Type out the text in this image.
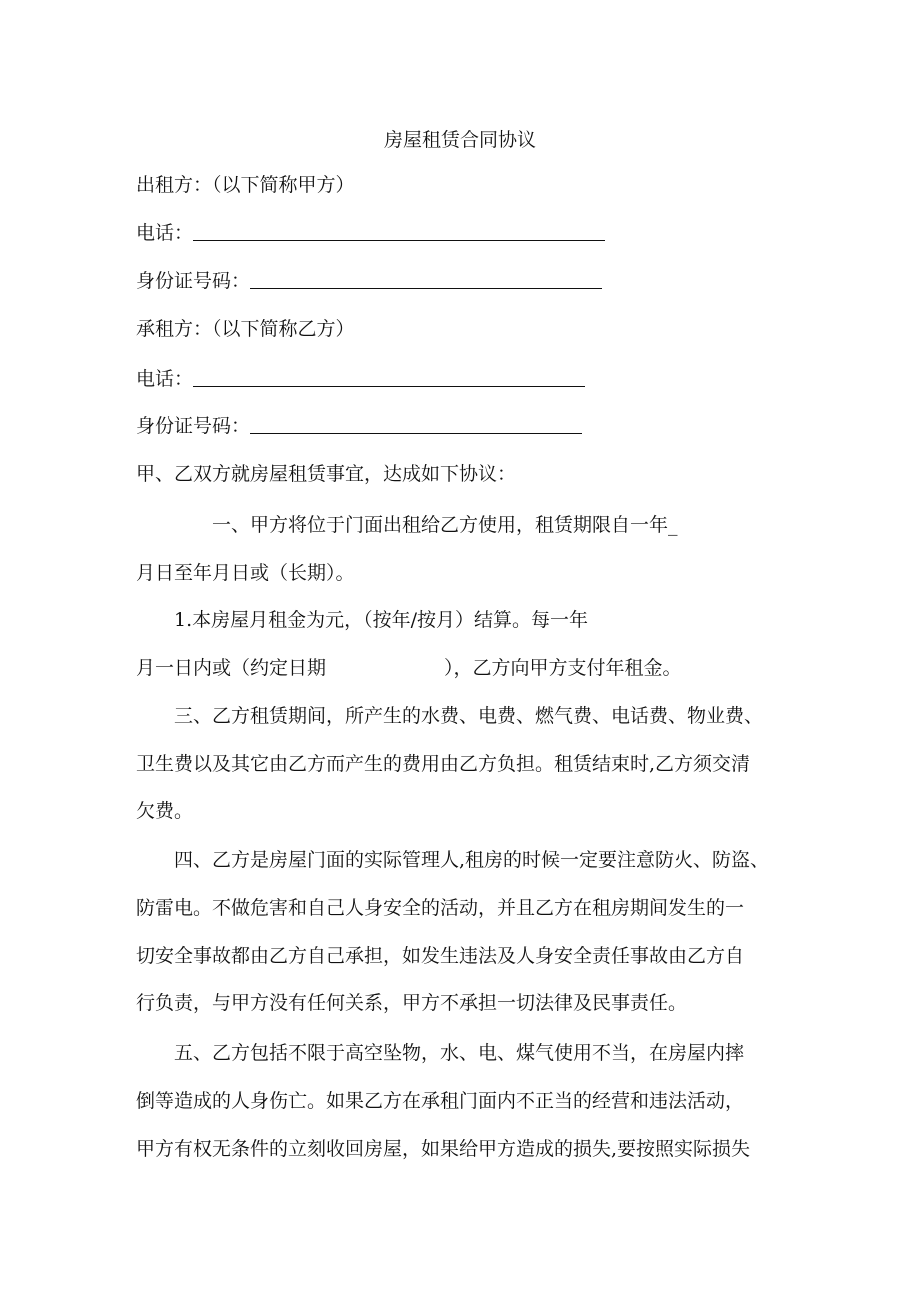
房屋租赁合同协议
出租方：（以下简称甲方）
电话：
身份证号码：
承租方：（以下简称乙方）
电话：
身份证号码：
甲、乙双方就房屋租赁事宜，达成如下协议：
一、甲方将位于门面出租给乙方使用，租赁期限自一年_
月日至年月日或（长期）。
1.本房屋月租金为元，（按年/按月）结算。每一年
月一日内或（约定日期	），乙方向甲方支付年租金。
三、乙方租赁期间，所产生的水费、电费、燃气费、电话费、物业费、
卫生费以及其它由乙方而产生的费用由乙方负担。租赁结束时,乙方须交清
欠费。
四、乙方是房屋门面的实际管理人,租房的时候一定要注意防火、防盗、
防雷电。不做危害和自己人身安全的活动，并且乙方在租房期间发生的一
切安全事故都由乙方自己承担，如发生违法及人身安全责任事故由乙方自
行负责，与甲方没有任何关系，甲方不承担一切法律及民事责任。
五、乙方包括不限于高空坠物，水、电、煤气使用不当，在房屋内摔
倒等造成的人身伤亡。如果乙方在承租门面内不正当的经营和违法活动，
甲方有权无条件的立刻收回房屋，如果给甲方造成的损失,要按照实际损失
